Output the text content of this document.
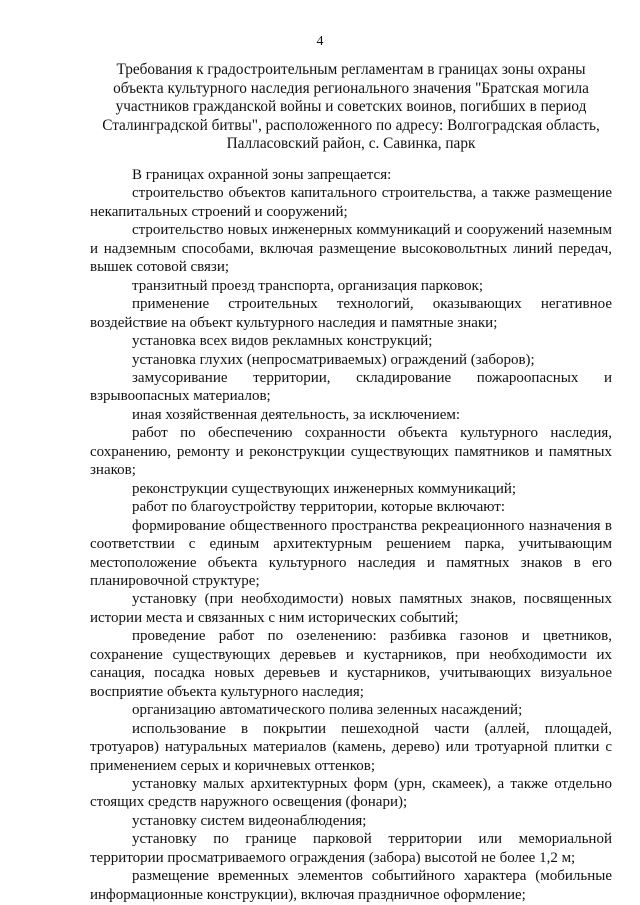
4
Требования к градостроительным регламентам в границах зоны охраны объекта культурного наследия регионального значения "Братская могила участников гражданской войны и советских воинов, погибших в период Сталинградской битвы", расположенного по адресу: Волгоградская область, Палласовский район, с. Савинка, парк

В границах охранной зоны запрещается:

строительство объектов капитального строительства, а также размещение некапитальных строений и сооружений;

строительство новых инженерных коммуникаций и сооружений наземным и надземным способами, включая размещение высоковольтных линий передач, вышек сотовой связи;

транзитный проезд транспорта, организация парковок;

применение строительных технологий, оказывающих негативное воздействие на объект культурного наследия и памятные знаки;

установка всех видов рекламных конструкций;

установка глухих (непросматриваемых) ограждений (заборов);

замусоривание территории, складирование пожароопасных и взрывоопасных материалов;

иная хозяйственная деятельность, за исключением:

работ по обеспечению сохранности объекта культурного наследия, сохранению, ремонту и реконструкции существующих памятников и памятных знаков;

реконструкции существующих инженерных коммуникаций;

работ по благоустройству территории, которые включают:

формирование общественного пространства рекреационного назначения в соответствии с единым архитектурным решением парка, учитывающим местоположение объекта культурного наследия и памятных знаков в его планировочной структуре;

установку (при необходимости) новых памятных знаков, посвященных истории места и связанных с ним исторических событий;

проведение работ по озеленению: разбивка газонов и цветников, сохранение существующих деревьев и кустарников, при необходимости их санация, посадка новых деревьев и кустарников, учитывающих визуальное восприятие объекта культурного наследия;

организацию автоматического полива зеленных насаждений;

использование в покрытии пешеходной части (аллей, площадей, тротуаров) натуральных материалов (камень, дерево) или тротуарной плитки с применением серых и коричневых оттенков;

установку малых архитектурных форм (урн, скамеек), а также отдельно стоящих средств наружного освещения (фонари);

установку систем видеонаблюдения;

установку по границе парковой территории или мемориальной территории просматриваемого ограждения (забора) высотой не более 1,2 м;

размещение временных элементов событийного характера (мобильные информационные конструкции), включая праздничное оформление;
